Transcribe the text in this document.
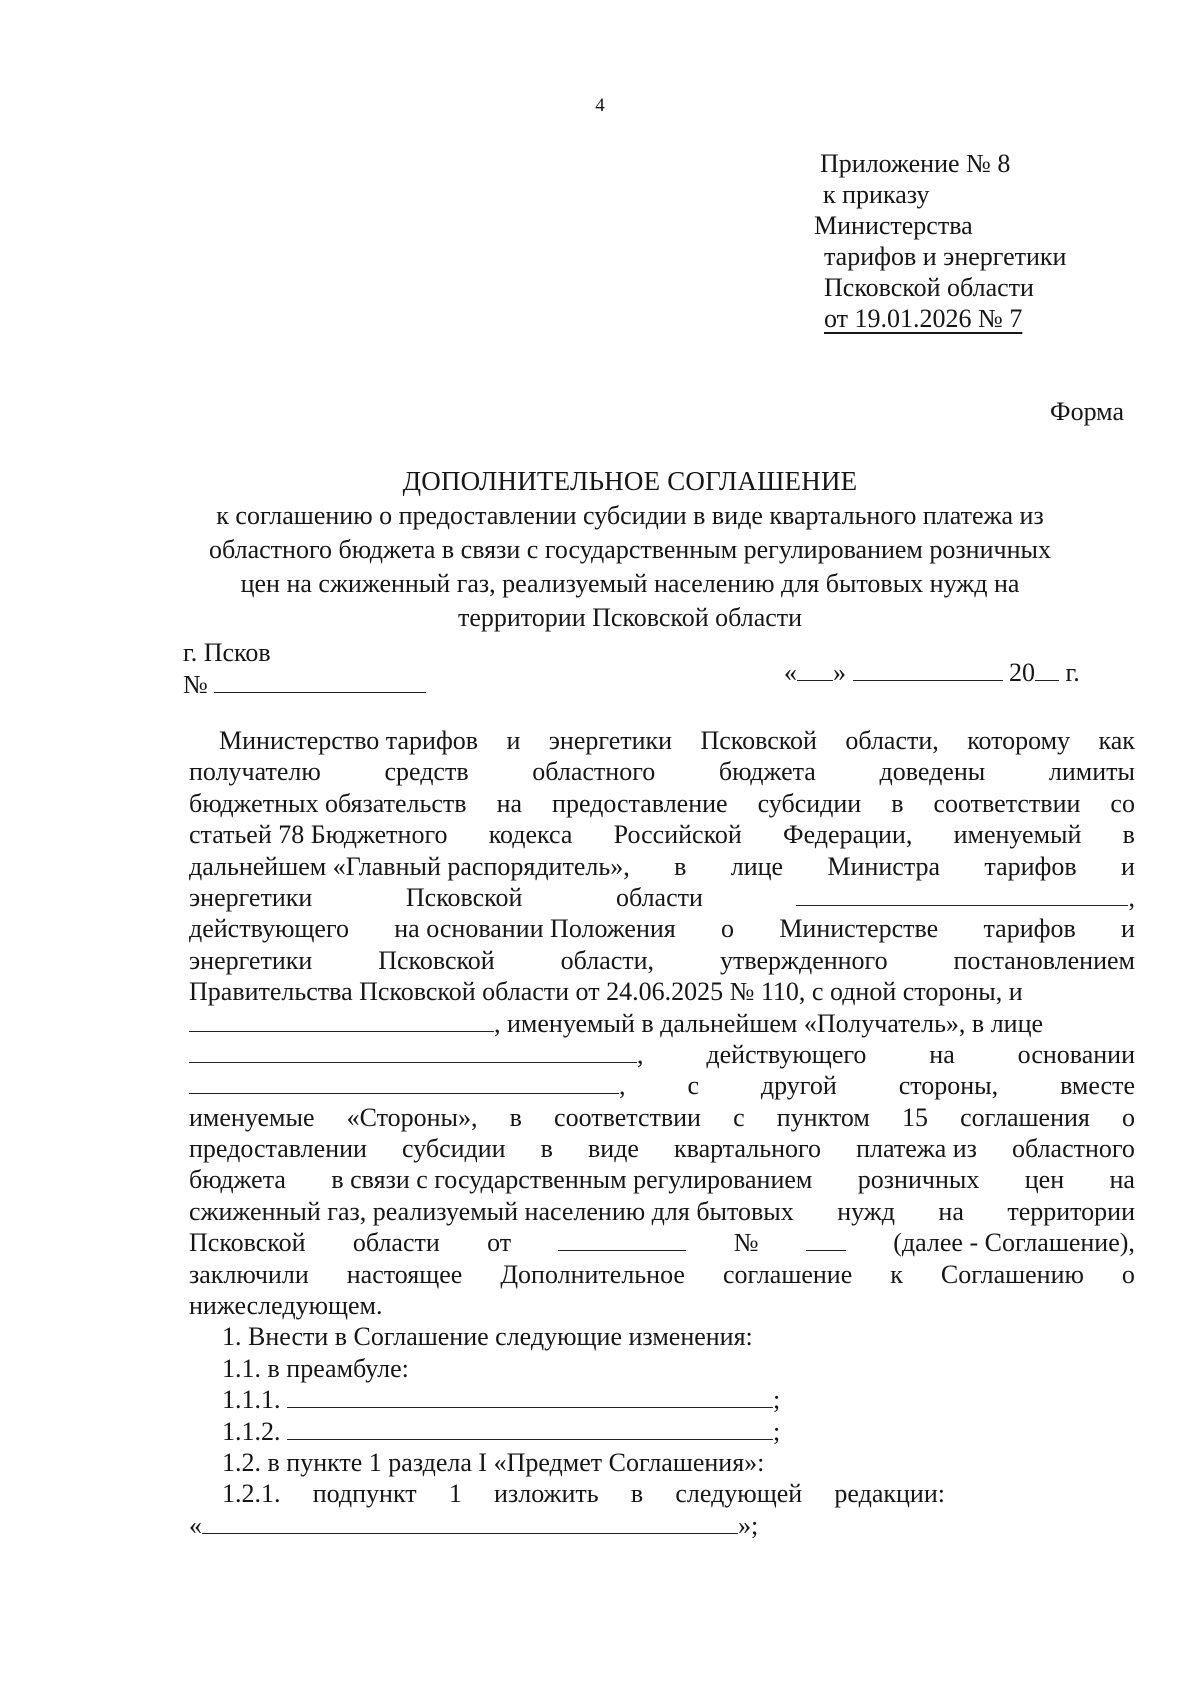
4
Приложение № 8
к приказу
Министерства
тарифов и энергетики
Псковской области
от 19.01.2026 № 7
Форма
ДОПОЛНИТЕЛЬНОЕ СОГЛАШЕНИЕ
к соглашению о предоставлении субсидии в виде квартального платежа из
областного бюджета в связи с государственным регулированием розничных
цен на сжиженный газ, реализуемый населению для бытовых нужд на
территории Псковской области
г. Псков
№	« »	20 г.
Министерство тарифов и энергетики Псковской области, которому как
получателю средств областного бюджета доведены лимиты
бюджетных обязательств на предоставление субсидии в соответствии со
статьей 78 Бюджетного кодекса Российской Федерации, именуемый в
дальнейшем «Главный распорядитель», в лице Министра тарифов и
энергетики	Псковской	области	,
действующего на основании Положения о Министерстве тарифов и
энергетики	Псковской	области,	утвержденного	постановлением
Правительства Псковской области от 24.06.2025 № 110, с одной стороны, и
, именуемый в дальнейшем «Получатель», в лице
, действующего на основании
, с другой стороны, вместе
именуемые «Стороны», в соответствии с пунктом 15 соглашения о
предоставлении субсидии в виде квартального платежа из областного
бюджета в связи с государственным регулированием розничных цен на
сжиженный газ, реализуемый населению для бытовых нужд на территории
Псковской области от	№	(далее - Соглашение),
заключили настоящее Дополнительное соглашение к Соглашению о
нижеследующем.
1. Внести в Соглашение следующие изменения:
1.1. в преамбуле:
1.1.1.	;
1.1.2.	;
1.2. в пункте 1 раздела I «Предмет Соглашения»:
1.2.1. подпункт 1 изложить в следующей редакции:
«	»;
